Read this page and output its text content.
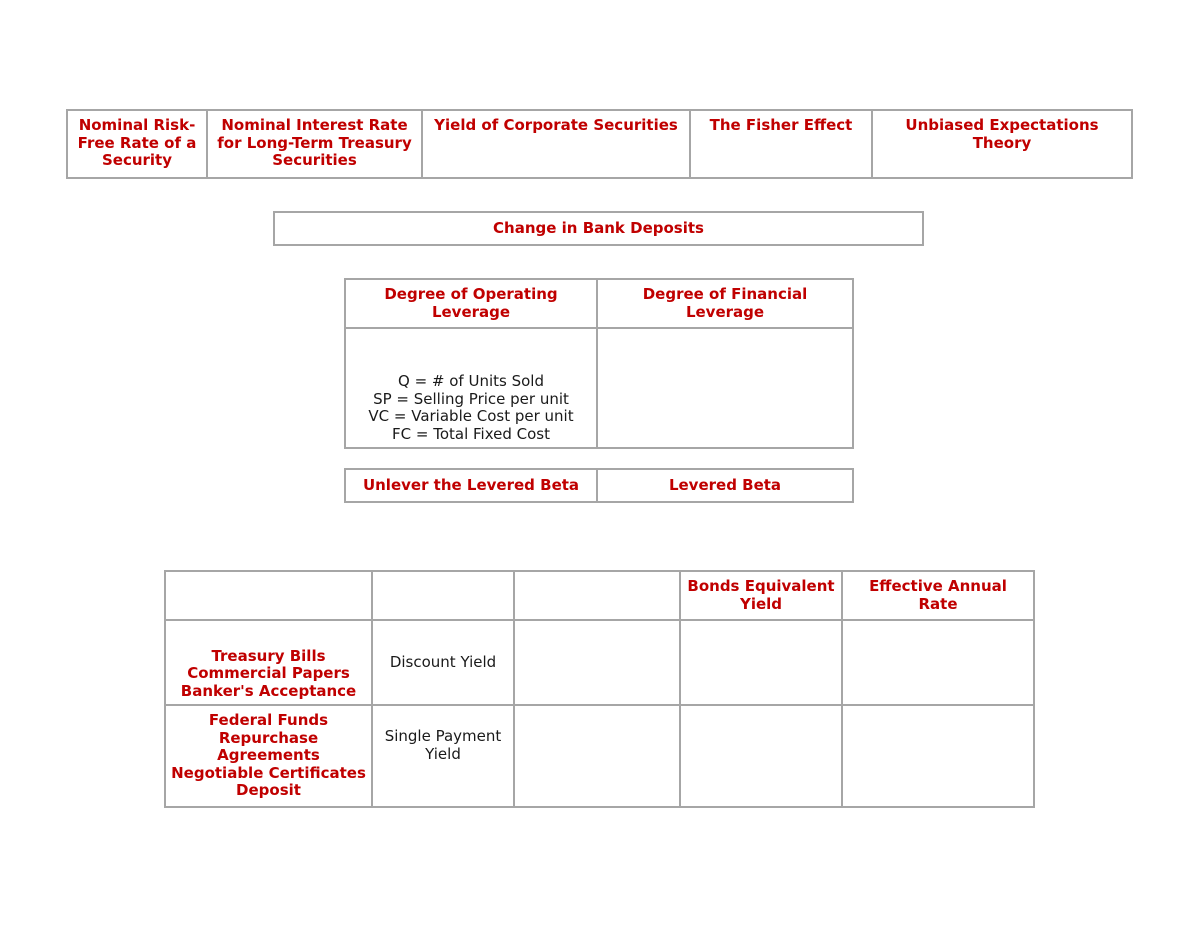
Nominal Risk-Free Rate of a Security	Nominal Interest Rate for Long-Term Treasury Securities	Yield of Corporate Securities	The Fisher Effect	Unbiased Expectations Theory
Change in Bank Deposits
Degree of Operating Leverage	Degree of Financial Leverage

Q = # of Units Sold
SP = Selling Price per unit
VC = Variable Cost per unit
FC = Total Fixed Cost	

Unlever the Levered Beta	Levered Beta
			Bonds Equivalent Yield	Effective Annual Rate

Treasury Bills
Commercial Papers
Banker's Acceptance	Discount Yield			

Federal Funds
Repurchase Agreements
Negotiable Certificates Deposit	Single Payment Yield			
